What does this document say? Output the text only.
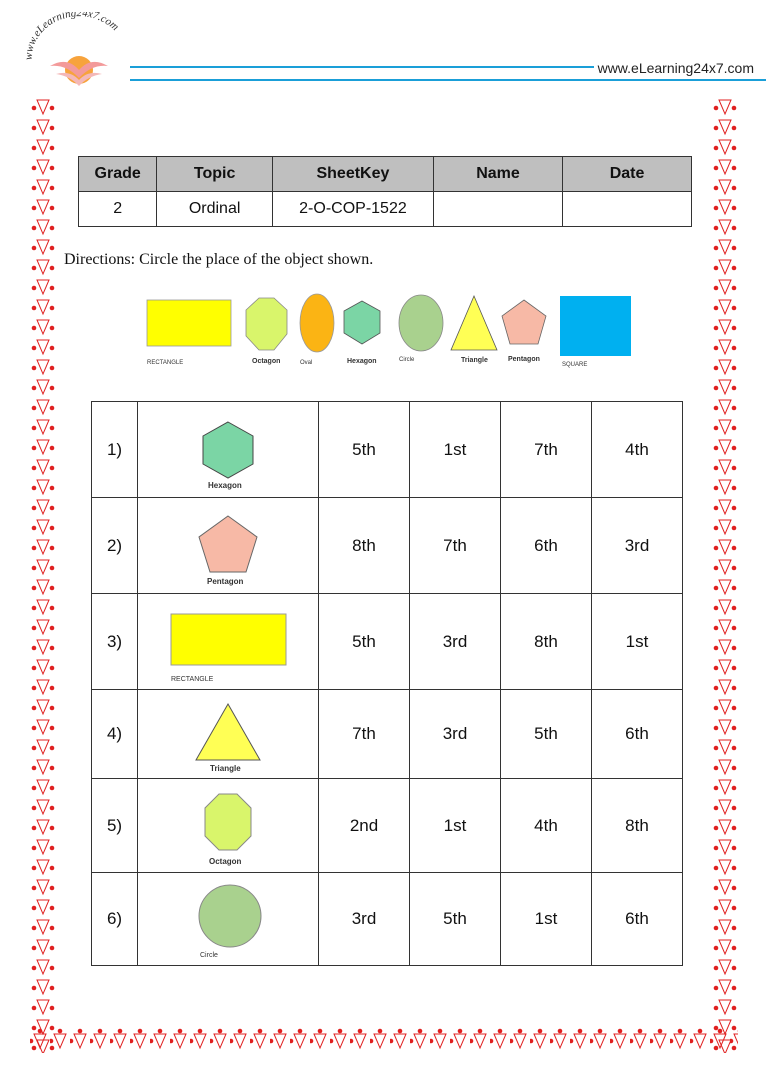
www.eLearning24x7.com
www.eLearning24x7.com
Grade	Topic	SheetKey	Name	Date
2	Ordinal	2-O-COP-1522		
Directions: Circle the place of the object shown.
RECTANGLE	Octagon	Oval	Hexagon	Circle	Triangle	Pentagon
SQUARE
1)	Hexagon	5th	1st	7th	4th
2)	Pentagon	8th	7th	6th	3rd
3)	RECTANGLE	5th	3rd	8th	1st
4)	Triangle	7th	3rd	5th	6th
5)	Octagon	2nd	1st	4th	8th
6)	Circle	3rd	5th	1st	6th
